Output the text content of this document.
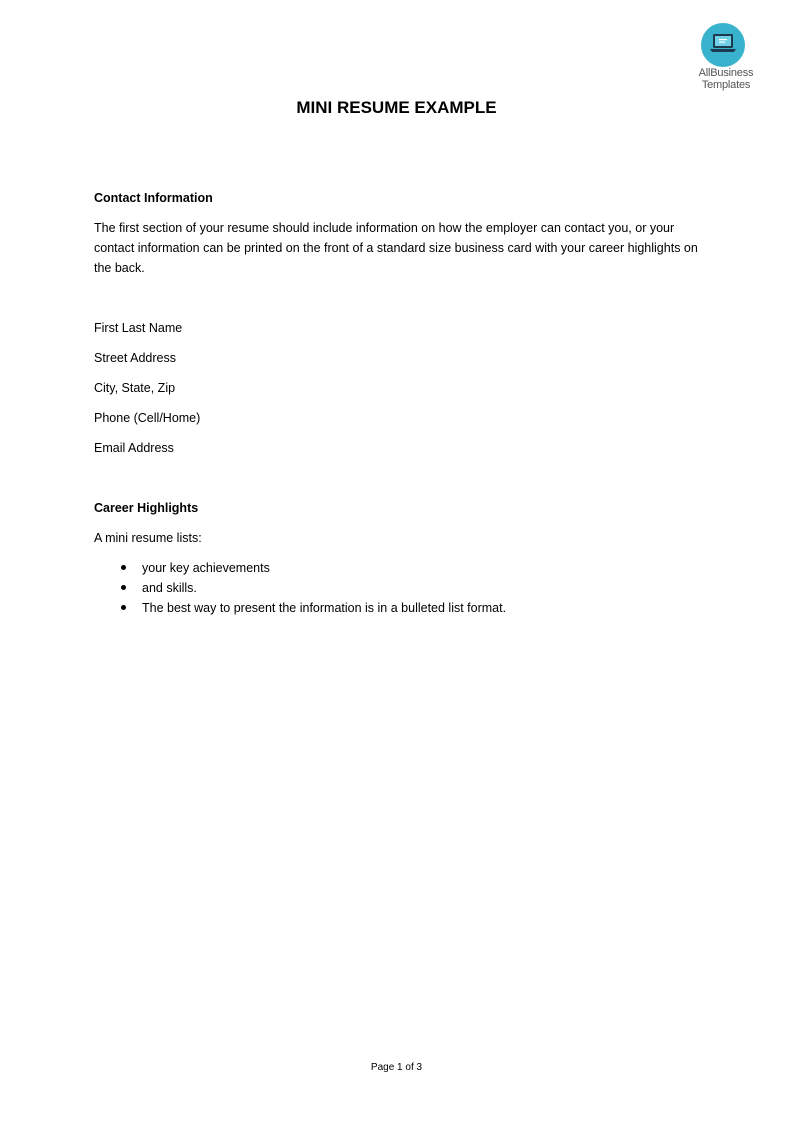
AllBusiness
Templates
MINI RESUME EXAMPLE

Contact Information

The first section of your resume should include information on how the employer can contact you, or your contact information can be printed on the front of a standard size business card with your career highlights on the back.

First Last Name
Street Address
City, State, Zip
Phone (Cell/Home)
Email Address

Career Highlights

A mini resume lists:

your key achievements
and skills.
The best way to present the information is in a bulleted list format.
Page 1 of 3
